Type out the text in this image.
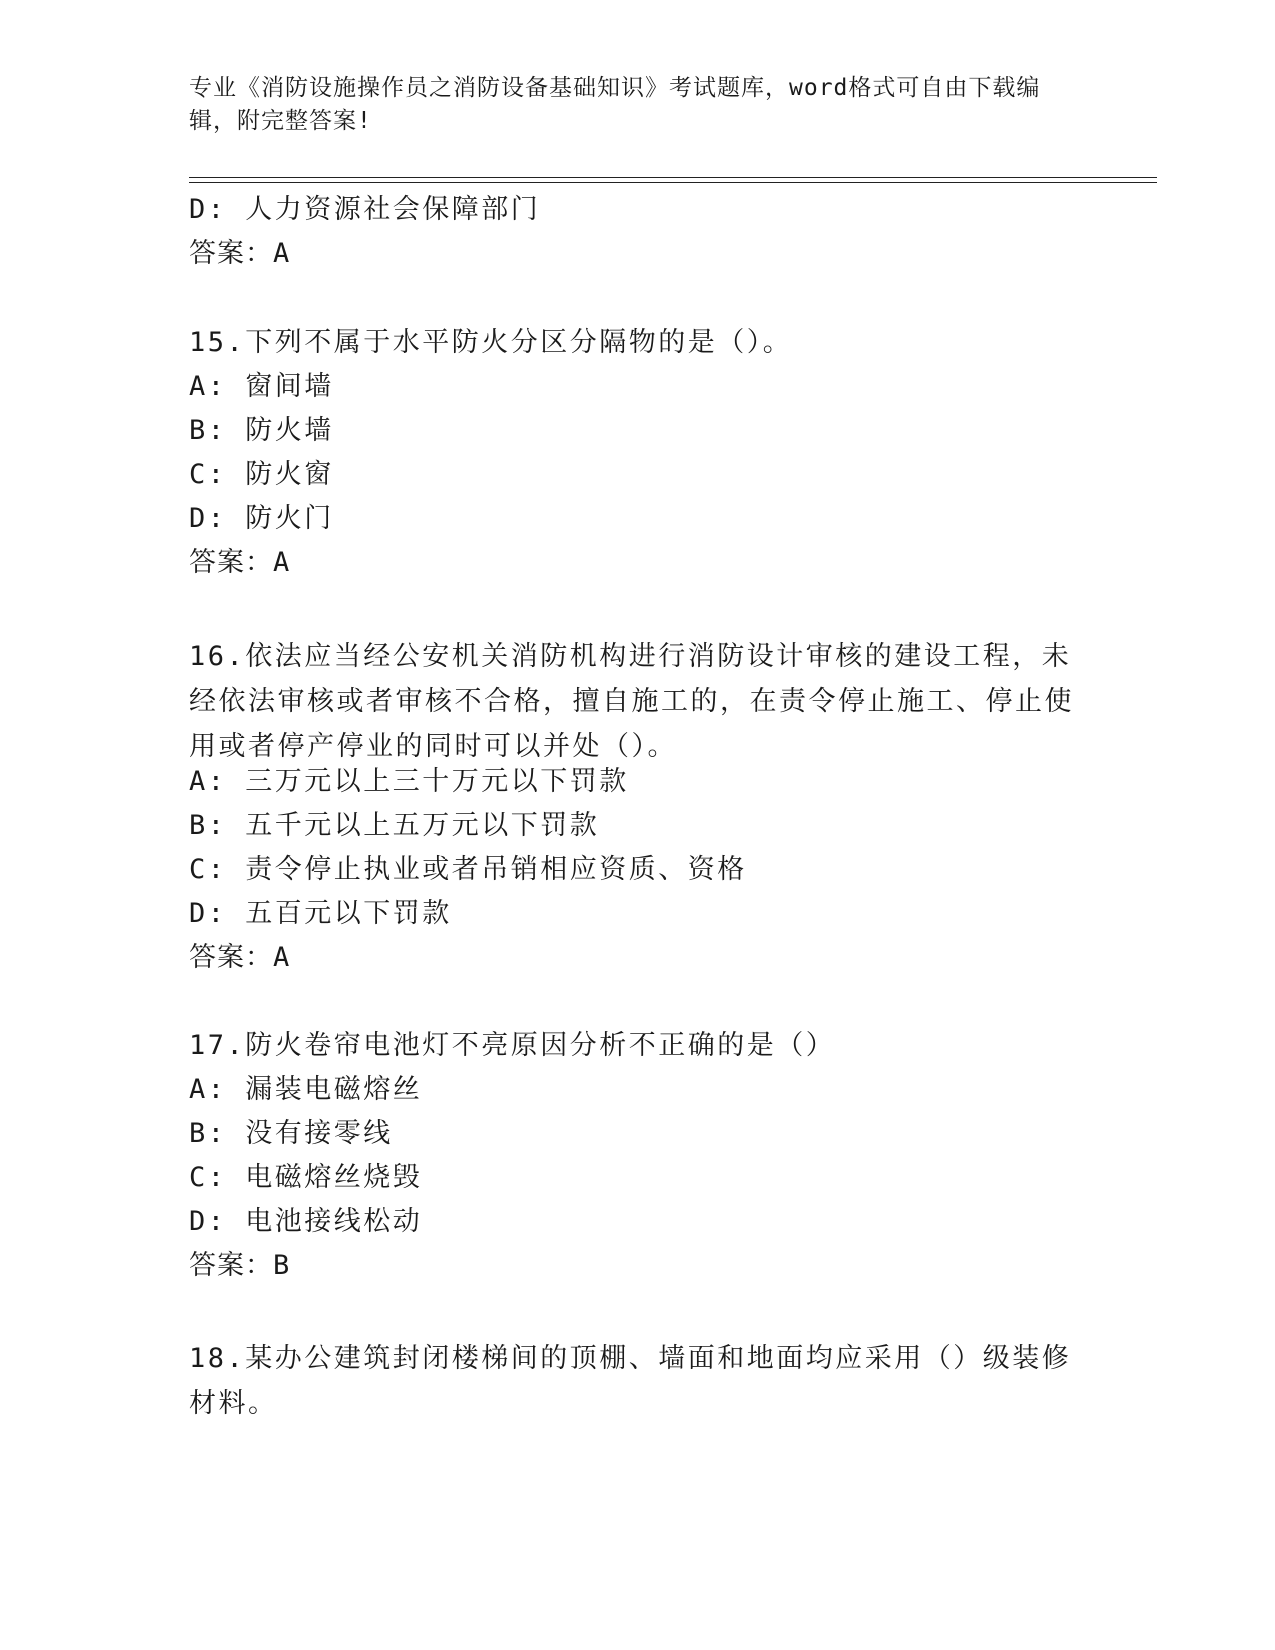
专业《消防设施操作员之消防设备基础知识》考试题库，word格式可自由下载编辑，附完整答案!
D: 人力资源社会保障部门
答案：A
15.下列不属于水平防火分区分隔物的是（）。
A: 窗间墙
B: 防火墙
C: 防火窗
D: 防火门
答案：A
16.依法应当经公安机关消防机构进行消防设计审核的建设工程，未经依法审核或者审核不合格，擅自施工的，在责令停止施工、停止使用或者停产停业的同时可以并处（）。
A: 三万元以上三十万元以下罚款
B: 五千元以上五万元以下罚款
C: 责令停止执业或者吊销相应资质、资格
D: 五百元以下罚款
答案：A
17.防火卷帘电池灯不亮原因分析不正确的是（）
A: 漏装电磁熔丝
B: 没有接零线
C: 电磁熔丝烧毁
D: 电池接线松动
答案：B
18.某办公建筑封闭楼梯间的顶棚、墙面和地面均应采用（）级装修材料。
